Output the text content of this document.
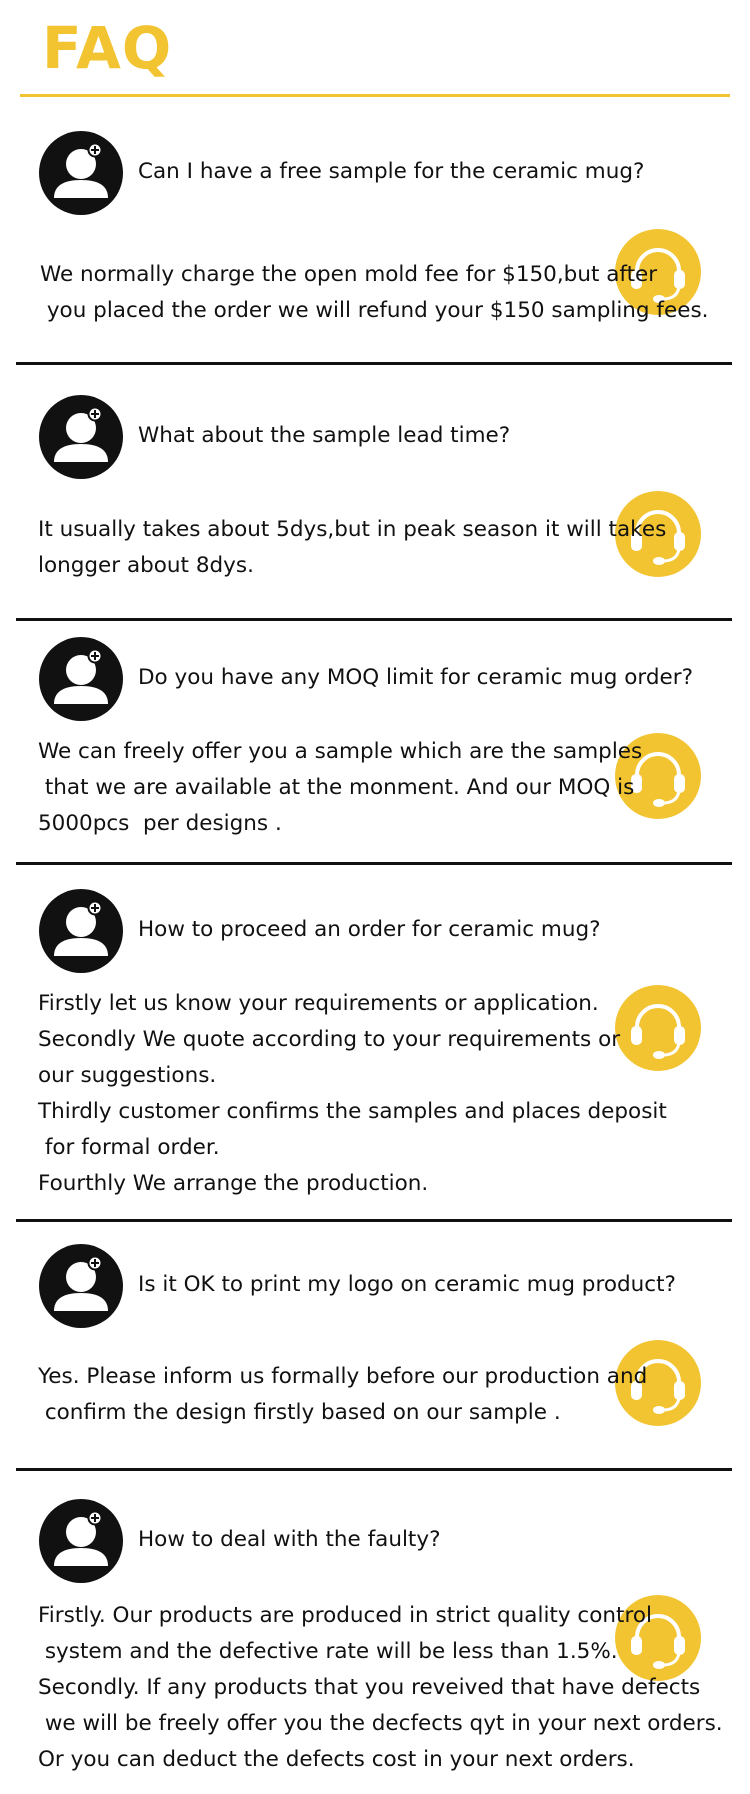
FAQ
Can I have a free sample for the ceramic mug?
We normally charge the open mold fee for $150,but after
you placed the order we will refund your $150 sampling fees.
What about the sample lead time?
It usually takes about 5dys,but in peak season it will takes
longger about 8dys.
Do you have any MOQ limit for ceramic mug order?
We can freely offer you a sample which are the samples
that we are available at the monment. And our MOQ is
5000pcs  per designs .
How to proceed an order for ceramic mug?
Firstly let us know your requirements or application.
Secondly We quote according to your requirements or
our suggestions.
Thirdly customer confirms the samples and places deposit
for formal order.
Fourthly We arrange the production.
Is it OK to print my logo on ceramic mug product?
Yes. Please inform us formally before our production and
confirm the design firstly based on our sample .
How to deal with the faulty?
Firstly. Our products are produced in strict quality control
system and the defective rate will be less than 1.5%.
Secondly. If any products that you reveived that have defects
we will be freely offer you the decfects qyt in your next orders.
Or you can deduct the defects cost in your next orders.
